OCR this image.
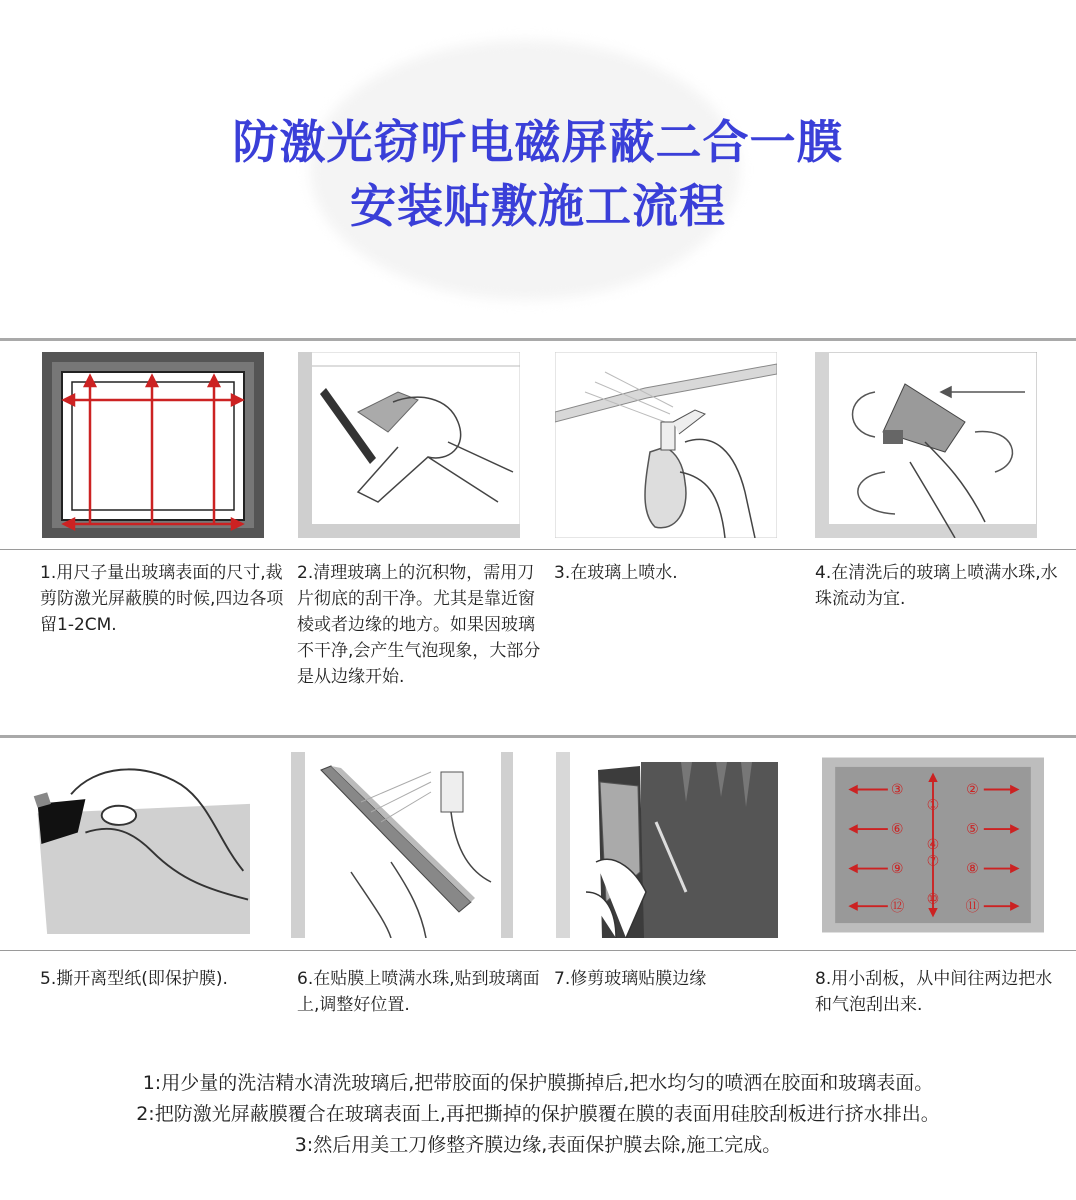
防激光窃听电磁屏蔽二合一膜

安装贴敷施工流程

1.用尺子量出玻璃表面的尺寸,裁剪防激光屏蔽膜的时候,四边各项留1-2CM.
2.清理玻璃上的沉积物，需用刀片彻底的刮干净。尤其是靠近窗棱或者边缘的地方。如果因玻璃不干净,会产生气泡现象，大部分是从边缘开始.
3.在玻璃上喷水.	4.在清洗后的玻璃上喷满水珠,水珠流动为宜.
①
④
⑦
⑩
③	②
⑥	⑤
⑨	⑧
⑫	⑪
5.撕开离型纸(即保护膜).	6.在贴膜上喷满水珠,贴到玻璃面上,调整好位置.
7.修剪玻璃贴膜边缘	8.用小刮板，从中间往两边把水和气泡刮出来.

1:用少量的洗洁精水清洗玻璃后,把带胶面的保护膜撕掉后,把水均匀的喷洒在胶面和玻璃表面。

2:把防激光屏蔽膜覆合在玻璃表面上,再把撕掉的保护膜覆在膜的表面用硅胶刮板进行挤水排出。

3:然后用美工刀修整齐膜边缘,表面保护膜去除,施工完成。
